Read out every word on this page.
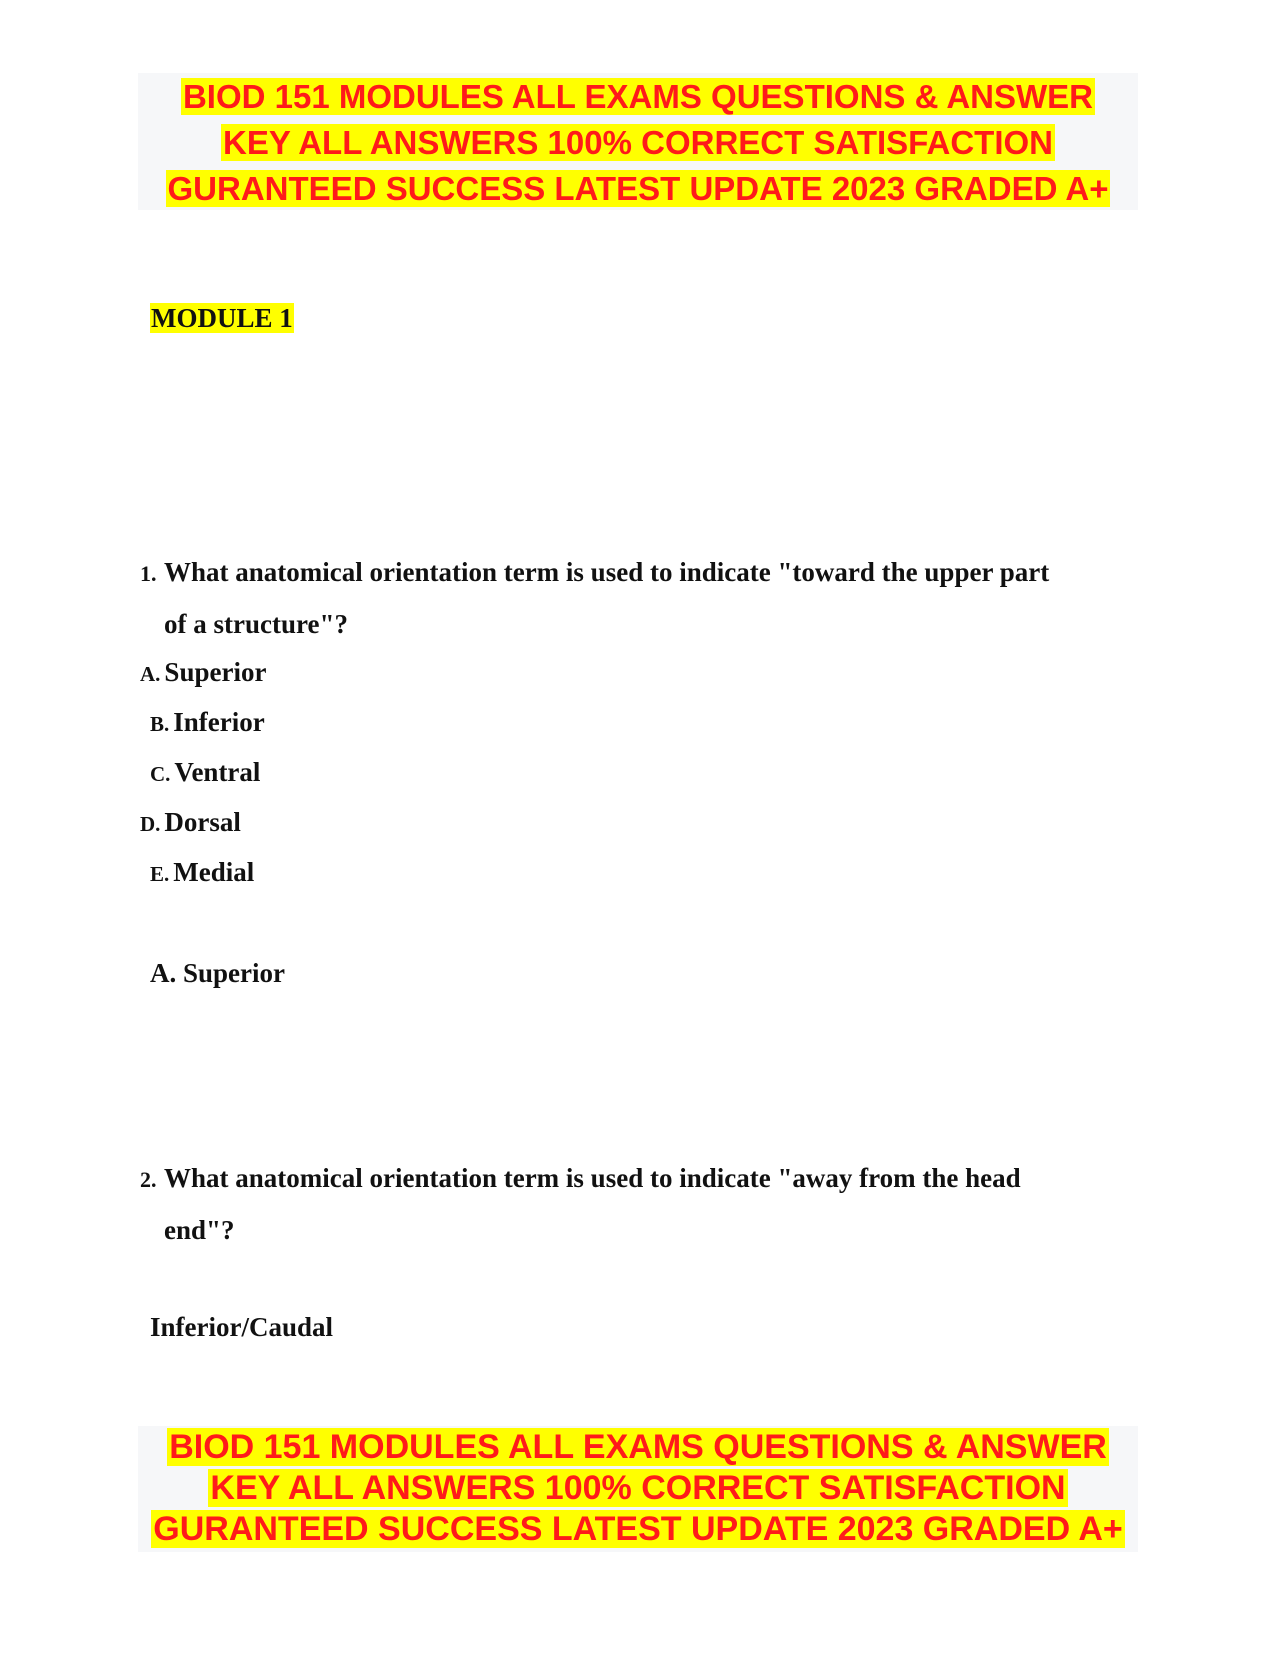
BIOD 151 MODULES ALL EXAMS QUESTIONS & ANSWER
KEY ALL ANSWERS 100% CORRECT SATISFACTION
GURANTEED SUCCESS LATEST UPDATE 2023 GRADED A+
MODULE 1
1. What anatomical orientation term is used to indicate "toward the upper part
of a structure"?
A. Superior
B. Inferior
C. Ventral
D. Dorsal
E. Medial
A. Superior
2. What anatomical orientation term is used to indicate "away from the head
end"?
Inferior/Caudal
BIOD 151 MODULES ALL EXAMS QUESTIONS & ANSWER
KEY ALL ANSWERS 100% CORRECT SATISFACTION
GURANTEED SUCCESS LATEST UPDATE 2023 GRADED A+
